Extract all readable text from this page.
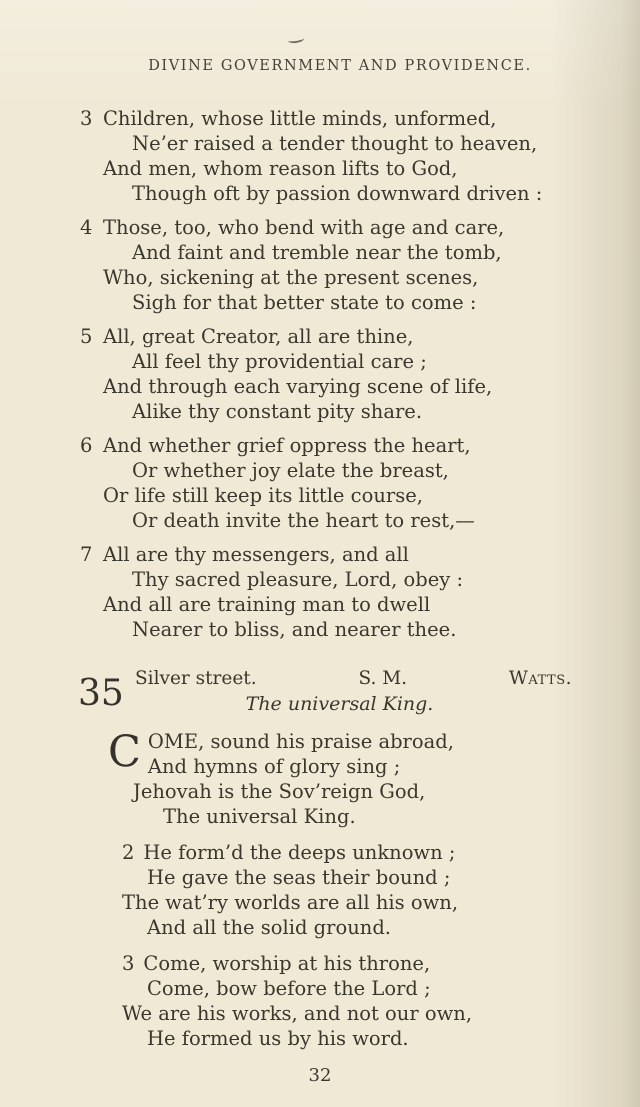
DIVINE GOVERNMENT AND PROVIDENCE.
3 Children, whose little minds, unformed,
Ne’er raised a tender thought to heaven,
And men, whom reason lifts to God,
Though oft by passion downward driven :
4 Those, too, who bend with age and care,
And faint and tremble near the tomb,
Who, sickening at the present scenes,
Sigh for that better state to come :
5 All, great Creator, all are thine,
All feel thy providential care ;
And through each varying scene of life,
Alike thy constant pity share.
6 And whether grief oppress the heart,
Or whether joy elate the breast,
Or life still keep its little course,
Or death invite the heart to rest,—
7 All are thy messengers, and all
Thy sacred pleasure, Lord, obey :
And all are training man to dwell
Nearer to bliss, and nearer thee.
35 Silver street.	S. M.	Watts.
The universal King.
C OME, sound his praise abroad,
And hymns of glory sing ;
Jehovah is the Sov’reign God,
The universal King.
2 He form’d the deeps unknown ;
He gave the seas their bound ;
The wat’ry worlds are all his own,
And all the solid ground.
3 Come, worship at his throne,
Come, bow before the Lord ;
We are his works, and not our own,
He formed us by his word.
32
